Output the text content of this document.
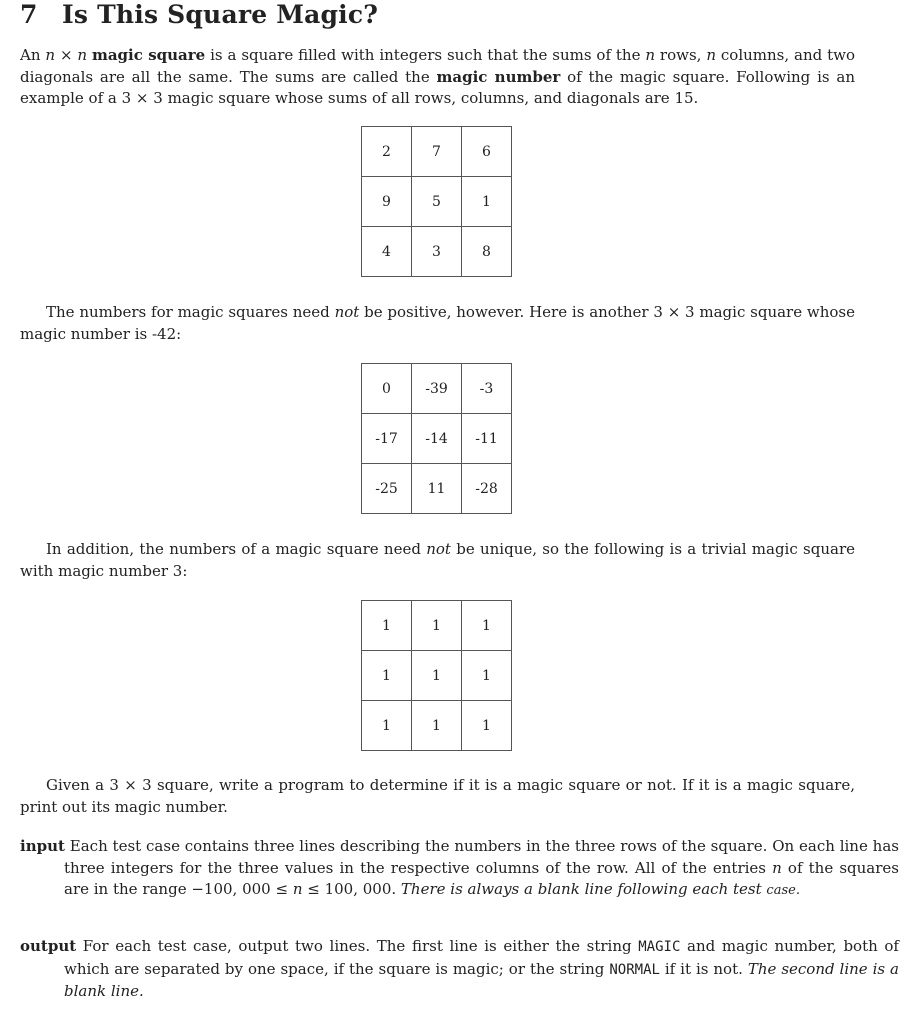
7 Is This Square Magic?

An n × n magic square is a square filled with integers such that the sums of the n rows, n columns, and two diagonals are all the same. The sums are called the magic number of the magic square. Following is an example of a 3 × 3 magic square whose sums of all rows, columns, and diagonals are 15.

2	7	6
9	5	1
4	3	8

The numbers for magic squares need not be positive, however. Here is another 3 × 3 magic square whose magic number is -42:

0	-39	-3
-17	-14	-11
-25	11	-28

In addition, the numbers of a magic square need not be unique, so the following is a trivial magic square with magic number 3:

1	1	1
1	1	1
1	1	1

Given a 3 × 3 square, write a program to determine if it is a magic square or not. If it is a magic square, print out its magic number.

input Each test case contains three lines describing the numbers in the three rows of the square. On each line has three integers for the three values in the respective columns of the row. All of the entries n of the squares are in the range −100, 000 ≤ n ≤ 100, 000. There is always a blank line following each test case.

output For each test case, output two lines. The first line is either the string MAGIC and magic number, both of which are separated by one space, if the square is magic; or the string NORMAL if it is not. The second line is a blank line.
